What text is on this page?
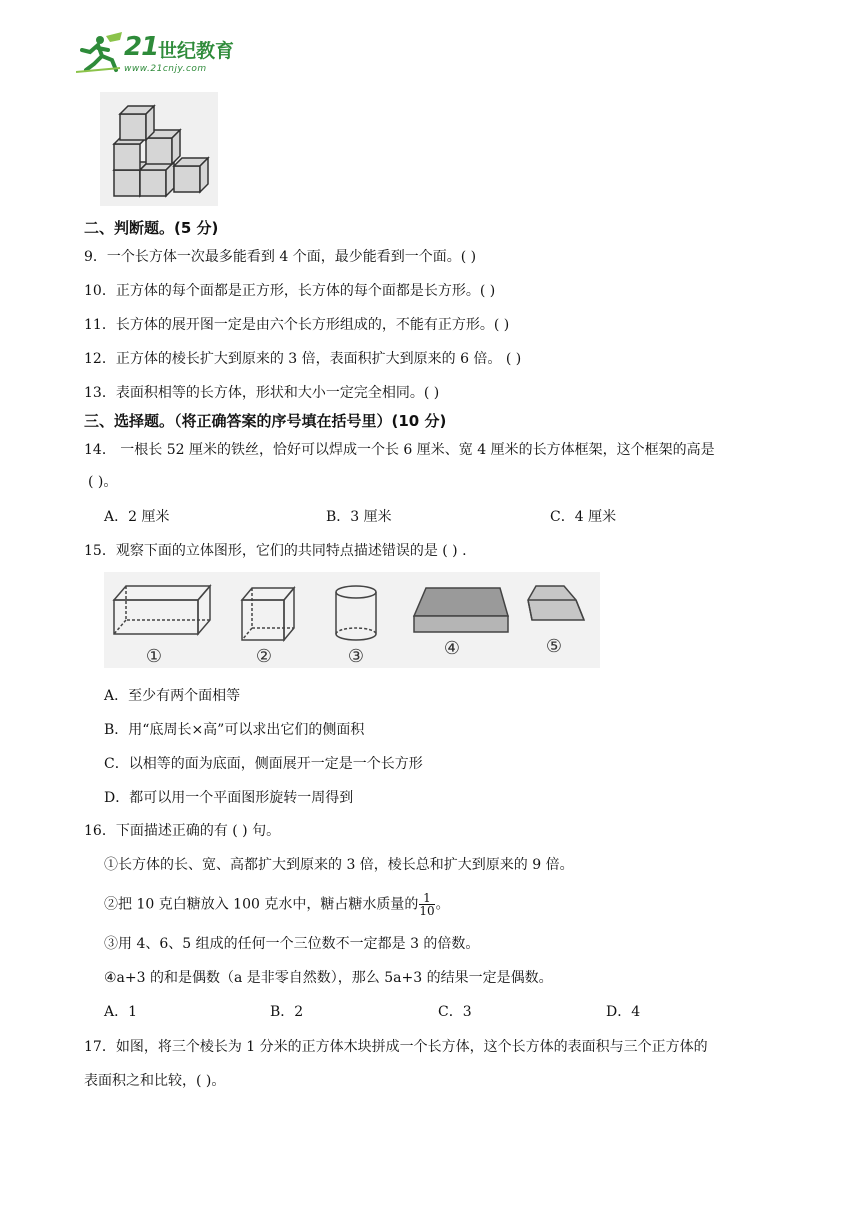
21 世纪教育
www.21cnjy.com
二、判断题。(5 分)
9．一个长方体一次最多能看到 4 个面，最少能看到一个面。( )
10．正方体的每个面都是正方形，长方体的每个面都是长方形。( )
11．长方体的展开图一定是由六个长方形组成的，不能有正方形。( )
12．正方体的棱长扩大到原来的 3 倍，表面积扩大到原来的 6 倍。 ( )
13．表面积相等的长方体，形状和大小一定完全相同。( )
三、选择题。（将正确答案的序号填在括号里）(10 分)
14． 一根长 52 厘米的铁丝，恰好可以焊成一个长 6 厘米、宽 4 厘米的长方体框架，这个框架的高是
( )。
A．2 厘米	B．3 厘米	C．4 厘米
15．观察下面的立体图形，它们的共同特点描述错误的是 ( ) .
①	②	③	④	⑤
A．至少有两个面相等
B．用“底周长×高”可以求出它们的侧面积
C．以相等的面为底面，侧面展开一定是一个长方形
D．都可以用一个平面图形旋转一周得到
16．下面描述正确的有 ( ) 句。
①长方体的长、宽、高都扩大到原来的 3 倍，棱长总和扩大到原来的 9 倍。
②把 10 克白糖放入 100 克水中，糖占糖水质量的 $\frac{1}{10}$ 。
③用 4、6、5 组成的任何一个三位数不一定都是 3 的倍数。
④a+3 的和是偶数（a 是非零自然数），那么 5a+3 的结果一定是偶数。
A．1	B．2	C．3	D．4
17．如图，将三个棱长为 1 分米的正方体木块拼成一个长方体，这个长方体的表面积与三个正方体的
表面积之和比较，( )。
